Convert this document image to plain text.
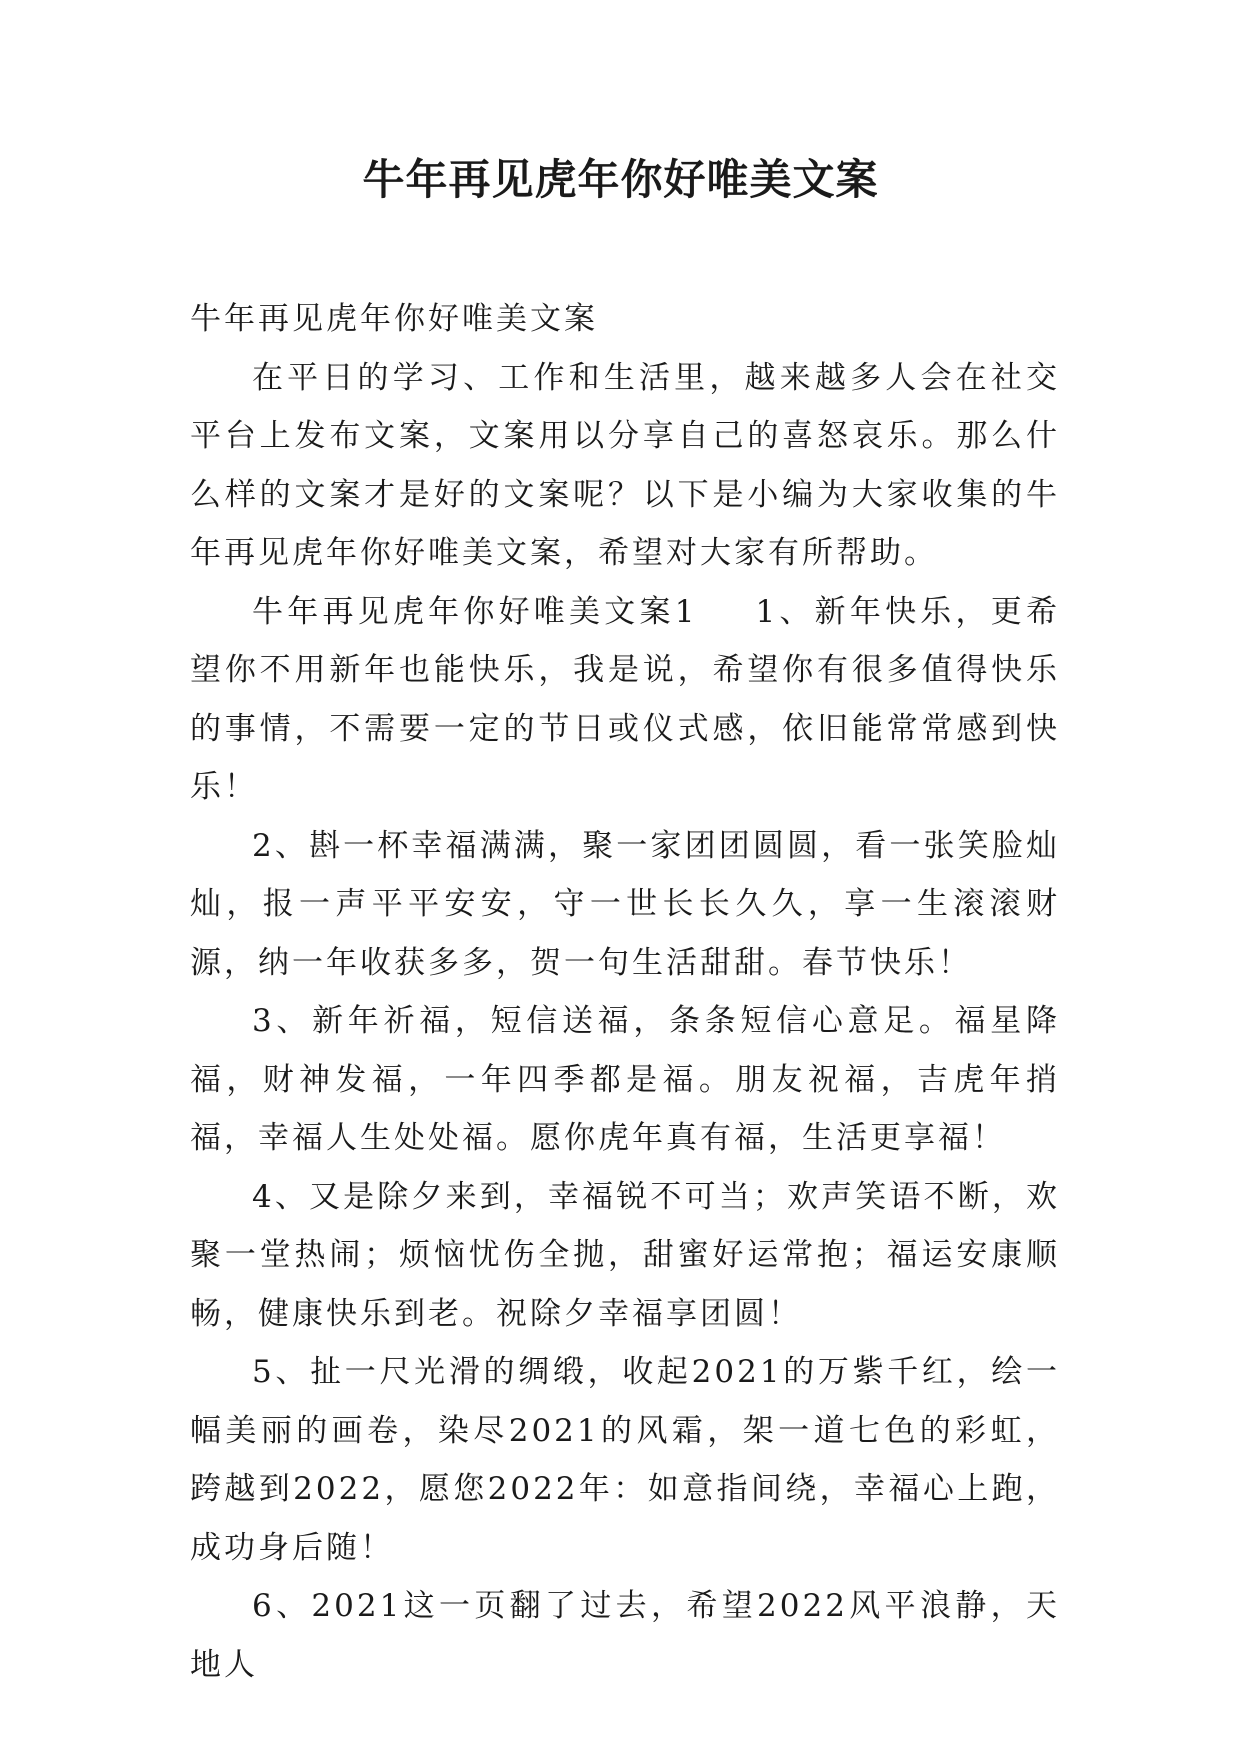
牛年再见虎年你好唯美文案

牛年再见虎年你好唯美文案

在平日的学习、工作和生活里，越来越多人会在社交平台上发布文案，文案用以分享自己的喜怒哀乐。那么什么样的文案才是好的文案呢？以下是小编为大家收集的牛年再见虎年你好唯美文案，希望对大家有所帮助。

牛年再见虎年你好唯美文案1 1、新年快乐，更希望你不用新年也能快乐，我是说，希望你有很多值得快乐的事情，不需要一定的节日或仪式感，依旧能常常感到快乐！

2、斟一杯幸福满满，聚一家团团圆圆，看一张笑脸灿灿，报一声平平安安，守一世长长久久，享一生滚滚财源，纳一年收获多多，贺一句生活甜甜。春节快乐！

3、新年祈福，短信送福，条条短信心意足。福星降福，财神发福，一年四季都是福。朋友祝福，吉虎年捎福，幸福人生处处福。愿你虎年真有福，生活更享福！

4、又是除夕来到，幸福锐不可当；欢声笑语不断，欢聚一堂热闹；烦恼忧伤全抛，甜蜜好运常抱；福运安康顺畅，健康快乐到老。祝除夕幸福享团圆！

5、扯一尺光滑的绸缎，收起2021的万紫千红，绘一幅美丽的画卷，染尽2021的风霜，架一道七色的彩虹，跨越到2022，愿您2022年：如意指间绕，幸福心上跑，成功身后随！

6、2021这一页翻了过去，希望2022风平浪静，天地人
